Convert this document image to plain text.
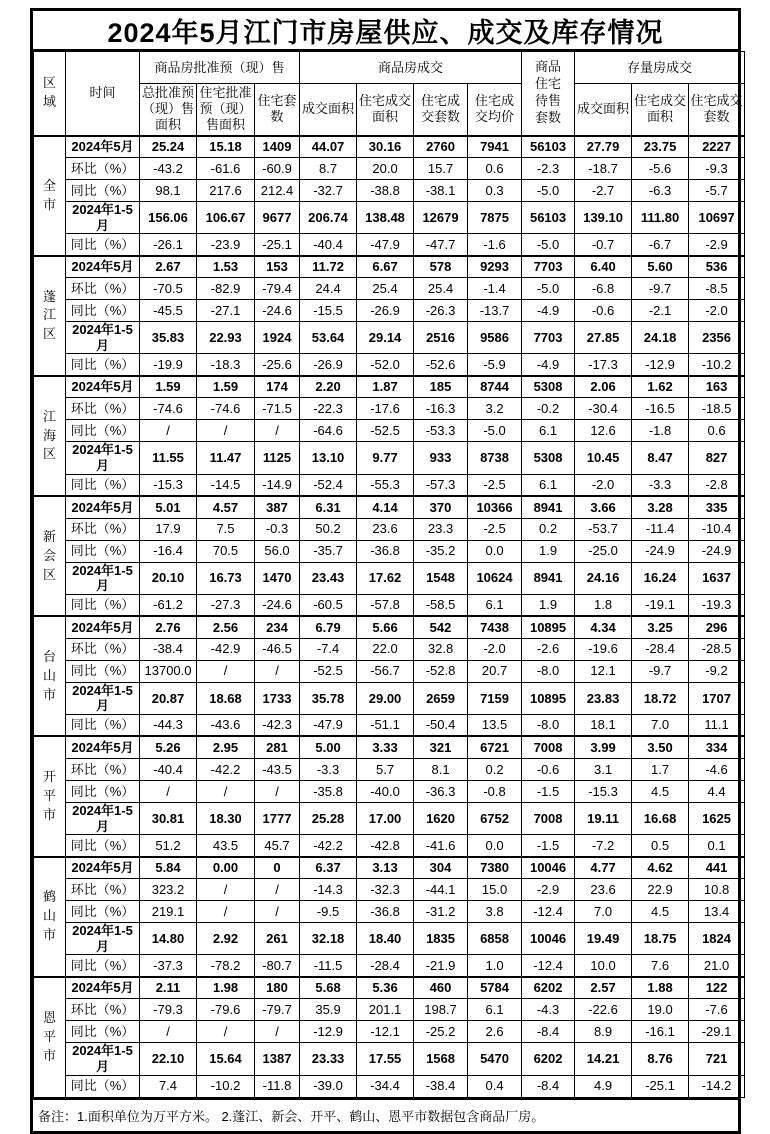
2024年5月江门市房屋供应、成交及库存情况
区域	时间	商品房批准预（现）售			商品房成交				商品住宅待售套数	存量房成交		
		总批准预（现）售面积	住宅批准预（现）售面积	住宅套数	成交面积	住宅成交面积	住宅成交套数	住宅成交均价		成交面积	住宅成交面积	住宅成交套数
全市	2024年5月	25.24	15.18	1409	44.07	30.16	2760	7941	56103	27.79	23.75	2227
	环比（%）	-43.2	-61.6	-60.9	8.7	20.0	15.7	0.6	-2.3	-18.7	-5.6	-9.3
	同比（%）	98.1	217.6	212.4	-32.7	-38.8	-38.1	0.3	-5.0	-2.7	-6.3	-5.7
	2024年1-5月	156.06	106.67	9677	206.74	138.48	12679	7875	56103	139.10	111.80	10697
	同比（%）	-26.1	-23.9	-25.1	-40.4	-47.9	-47.7	-1.6	-5.0	-0.7	-6.7	-2.9
蓬江区	2024年5月	2.67	1.53	153	11.72	6.67	578	9293	7703	6.40	5.60	536
	环比（%）	-70.5	-82.9	-79.4	24.4	25.4	25.4	-1.4	-5.0	-6.8	-9.7	-8.5
	同比（%）	-45.5	-27.1	-24.6	-15.5	-26.9	-26.3	-13.7	-4.9	-0.6	-2.1	-2.0
	2024年1-5月	35.83	22.93	1924	53.64	29.14	2516	9586	7703	27.85	24.18	2356
	同比（%）	-19.9	-18.3	-25.6	-26.9	-52.0	-52.6	-5.9	-4.9	-17.3	-12.9	-10.2
江海区	2024年5月	1.59	1.59	174	2.20	1.87	185	8744	5308	2.06	1.62	163
	环比（%）	-74.6	-74.6	-71.5	-22.3	-17.6	-16.3	3.2	-0.2	-30.4	-16.5	-18.5
	同比（%）	/	/	/	-64.6	-52.5	-53.3	-5.0	6.1	12.6	-1.8	0.6
	2024年1-5月	11.55	11.47	1125	13.10	9.77	933	8738	5308	10.45	8.47	827
	同比（%）	-15.3	-14.5	-14.9	-52.4	-55.3	-57.3	-2.5	6.1	-2.0	-3.3	-2.8
新会区	2024年5月	5.01	4.57	387	6.31	4.14	370	10366	8941	3.66	3.28	335
	环比（%）	17.9	7.5	-0.3	50.2	23.6	23.3	-2.5	0.2	-53.7	-11.4	-10.4
	同比（%）	-16.4	70.5	56.0	-35.7	-36.8	-35.2	0.0	1.9	-25.0	-24.9	-24.9
	2024年1-5月	20.10	16.73	1470	23.43	17.62	1548	10624	8941	24.16	16.24	1637
	同比（%）	-61.2	-27.3	-24.6	-60.5	-57.8	-58.5	6.1	1.9	1.8	-19.1	-19.3
台山市	2024年5月	2.76	2.56	234	6.79	5.66	542	7438	10895	4.34	3.25	296
	环比（%）	-38.4	-42.9	-46.5	-7.4	22.0	32.8	-2.0	-2.6	-19.6	-28.4	-28.5
	同比（%）	13700.0	/	/	-52.5	-56.7	-52.8	20.7	-8.0	12.1	-9.7	-9.2
	2024年1-5月	20.87	18.68	1733	35.78	29.00	2659	7159	10895	23.83	18.72	1707
	同比（%）	-44.3	-43.6	-42.3	-47.9	-51.1	-50.4	13.5	-8.0	18.1	7.0	11.1
开平市	2024年5月	5.26	2.95	281	5.00	3.33	321	6721	7008	3.99	3.50	334
	环比（%）	-40.4	-42.2	-43.5	-3.3	5.7	8.1	0.2	-0.6	3.1	1.7	-4.6
	同比（%）	/	/	/	-35.8	-40.0	-36.3	-0.8	-1.5	-15.3	4.5	4.4
	2024年1-5月	30.81	18.30	1777	25.28	17.00	1620	6752	7008	19.11	16.68	1625
	同比（%）	51.2	43.5	45.7	-42.2	-42.8	-41.6	0.0	-1.5	-7.2	0.5	0.1
鹤山市	2024年5月	5.84	0.00	0	6.37	3.13	304	7380	10046	4.77	4.62	441
	环比（%）	323.2	/	/	-14.3	-32.3	-44.1	15.0	-2.9	23.6	22.9	10.8
	同比（%）	219.1	/	/	-9.5	-36.8	-31.2	3.8	-12.4	7.0	4.5	13.4
	2024年1-5月	14.80	2.92	261	32.18	18.40	1835	6858	10046	19.49	18.75	1824
	同比（%）	-37.3	-78.2	-80.7	-11.5	-28.4	-21.9	1.0	-12.4	10.0	7.6	21.0
恩平市	2024年5月	2.11	1.98	180	5.68	5.36	460	5784	6202	2.57	1.88	122
	环比（%）	-79.3	-79.6	-79.7	35.9	201.1	198.7	6.1	-4.3	-22.6	19.0	-7.6
	同比（%）	/	/	/	-12.9	-12.1	-25.2	2.6	-8.4	8.9	-16.1	-29.1
	2024年1-5月	22.10	15.64	1387	23.33	17.55	1568	5470	6202	14.21	8.76	721
	同比（%）	7.4	-10.2	-11.8	-39.0	-34.4	-38.4	0.4	-8.4	4.9	-25.1	-14.2
备注：1.面积单位为万平方米。 2.蓬江、新会、开平、鹤山、恩平市数据包含商品厂房。
